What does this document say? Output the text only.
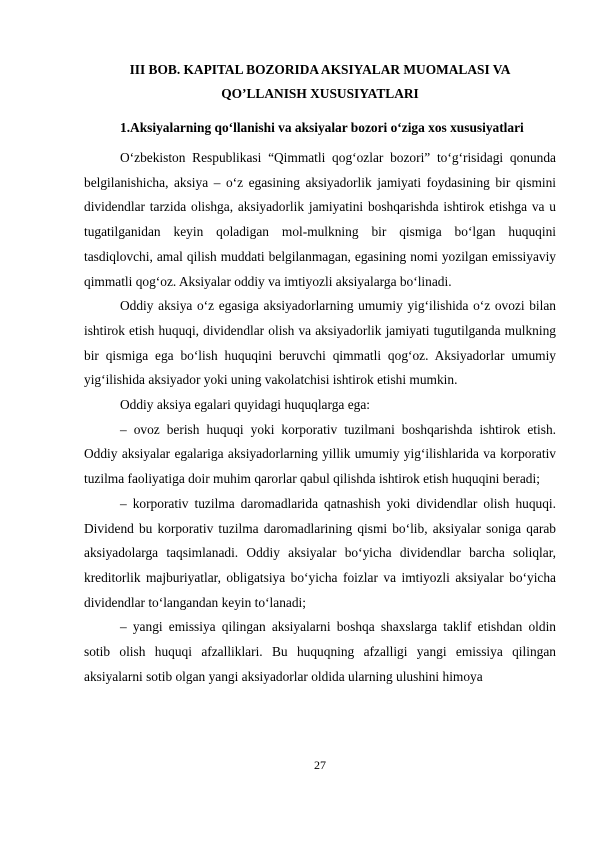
III BOB. KAPITAL BOZORIDA AKSIYALAR MUOMALASI VA
QO’LLANISH XUSUSIYATLARI
1.Aksiyalarning qo‘llanishi va aksiyalar bozori o‘ziga xos xususiyatlari

O‘zbekiston Respublikasi “Qimmatli qog‘ozlar bozori” to‘g‘risidagi qonunda belgilanishicha, aksiya – o‘z egasining aksiyadorlik jamiyati foydasining bir qismini dividendlar tarzida olishga, aksiyadorlik jamiyatini boshqarishda ishtirok etishga va u tugatilganidan keyin qoladigan mol-mulkning bir qismiga bo‘lgan huquqini tasdiqlovchi, amal qilish muddati belgilanmagan, egasining nomi yozilgan emissiyaviy qimmatli qog‘oz. Aksiyalar oddiy va imtiyozli aksiyalarga bo‘linadi.

Oddiy aksiya o‘z egasiga aksiyadorlarning umumiy yig‘ilishida o‘z ovozi bilan ishtirok etish huquqi, dividendlar olish va aksiyadorlik jamiyati tugutilganda mulkning bir qismiga ega bo‘lish huquqini beruvchi qimmatli qog‘oz. Aksiyadorlar umumiy yig‘ilishida aksiyador yoki uning vakolatchisi ishtirok etishi mumkin.

Oddiy aksiya egalari quyidagi huquqlarga ega:

– ovoz berish huquqi yoki korporativ tuzilmani boshqarishda ishtirok etish. Oddiy aksiyalar egalariga aksiyadorlarning yillik umumiy yig‘ilishlarida va korporativ tuzilma faoliyatiga doir muhim qarorlar qabul qilishda ishtirok etish huquqini beradi;

– korporativ tuzilma daromadlarida qatnashish yoki dividendlar olish huquqi. Dividend bu korporativ tuzilma daromadlarining qismi bo‘lib, aksiyalar soniga qarab aksiyadolarga taqsimlanadi. Oddiy aksiyalar bo‘yicha dividendlar barcha soliqlar, kreditorlik majburiyatlar, obligatsiya bo‘yicha foizlar va imtiyozli aksiyalar bo‘yicha dividendlar to‘langandan keyin to‘lanadi;

– yangi emissiya qilingan aksiyalarni boshqa shaxslarga taklif etishdan oldin sotib olish huquqi afzalliklari. Bu huquqning afzalligi yangi emissiya qilingan aksiyalarni sotib olgan yangi aksiyadorlar oldida ularning ulushini himoya

27
